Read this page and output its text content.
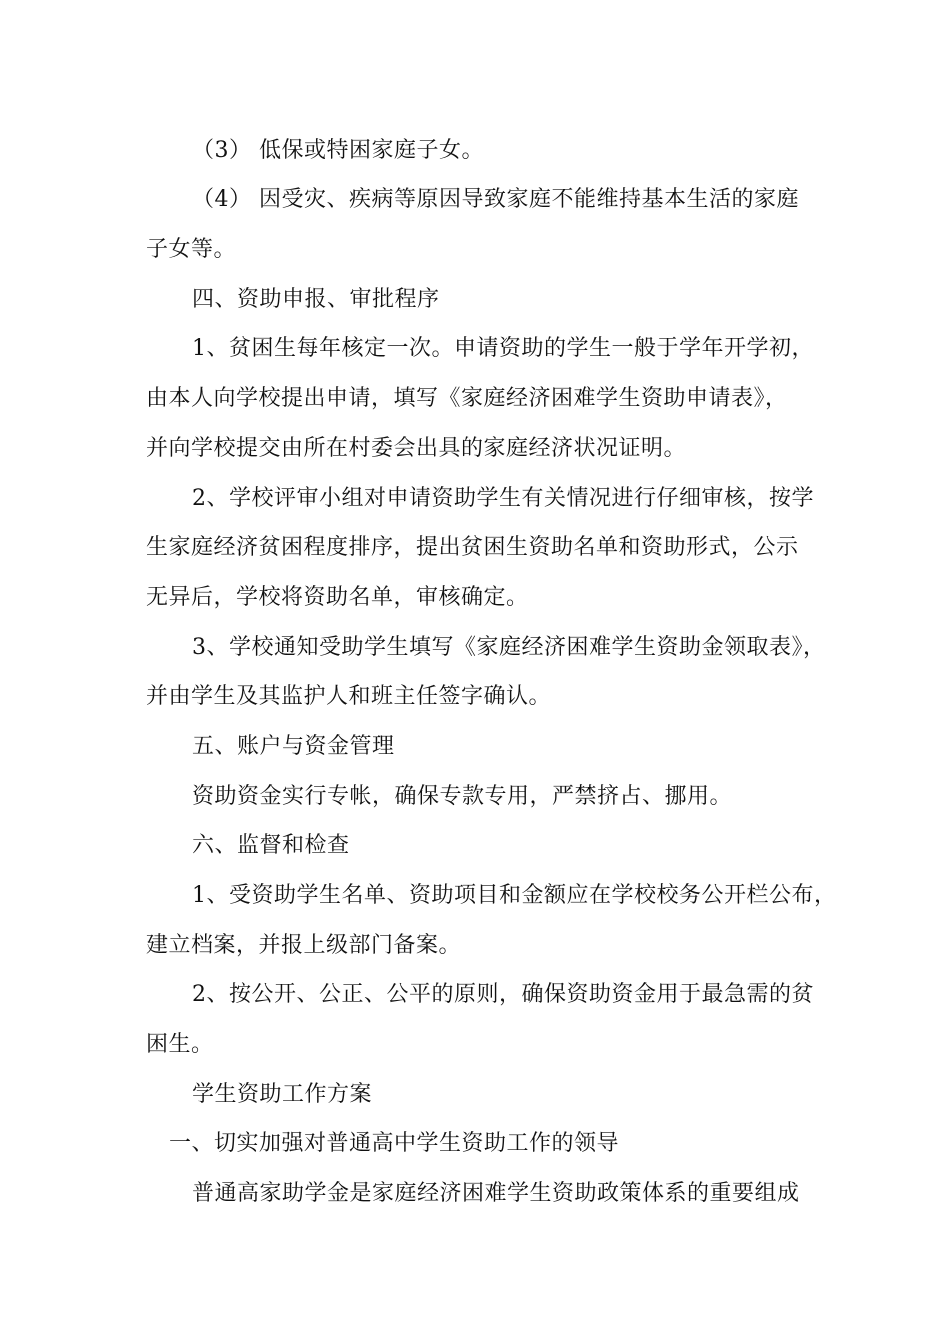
（3） 低保或特困家庭子女。
（4） 因受灾、疾病等原因导致家庭不能维持基本生活的家庭
子女等。
四、资助申报、审批程序
1、贫困生每年核定一次。申请资助的学生一般于学年开学初，
由本人向学校提出申请，填写《家庭经济困难学生资助申请表》，
并向学校提交由所在村委会出具的家庭经济状况证明。
2、学校评审小组对申请资助学生有关情况进行仔细审核，按学
生家庭经济贫困程度排序，提出贫困生资助名单和资助形式，公示
无异后，学校将资助名单，审核确定。
3、学校通知受助学生填写《家庭经济困难学生资助金领取表》，
并由学生及其监护人和班主任签字确认。
五、账户与资金管理
资助资金实行专帐，确保专款专用，严禁挤占、挪用。
六、监督和检查
1、受资助学生名单、资助项目和金额应在学校校务公开栏公布，
建立档案，并报上级部门备案。
2、按公开、公正、公平的原则，确保资助资金用于最急需的贫
困生。
学生资助工作方案
一、切实加强对普通高中学生资助工作的领导
普通高家助学金是家庭经济困难学生资助政策体系的重要组成
